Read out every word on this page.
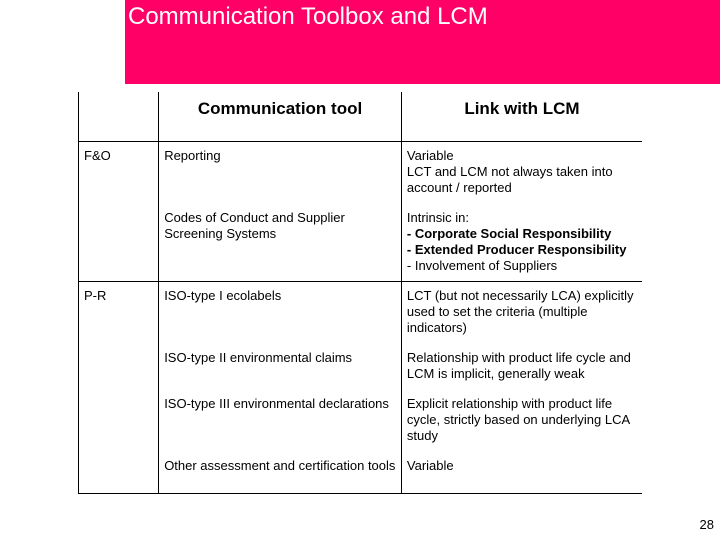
Communication Toolbox and LCM
	Communication tool	Link with LCM
F&O	Reporting	Variable
LCT and LCM not always taken into account / reported
	Codes of Conduct and Supplier Screening Systems	Intrinsic in:
- Corporate Social Responsibility
- Extended Producer Responsibility
- Involvement of Suppliers
P-R	ISO-type I ecolabels	LCT (but not necessarily LCA) explicitly used to set the criteria (multiple indicators)
	ISO-type II environmental claims	Relationship with product life cycle and LCM is implicit, generally weak
	ISO-type III environmental declarations	Explicit relationship with product life cycle, strictly based on underlying LCA study
	Other assessment and certification tools	Variable
28
